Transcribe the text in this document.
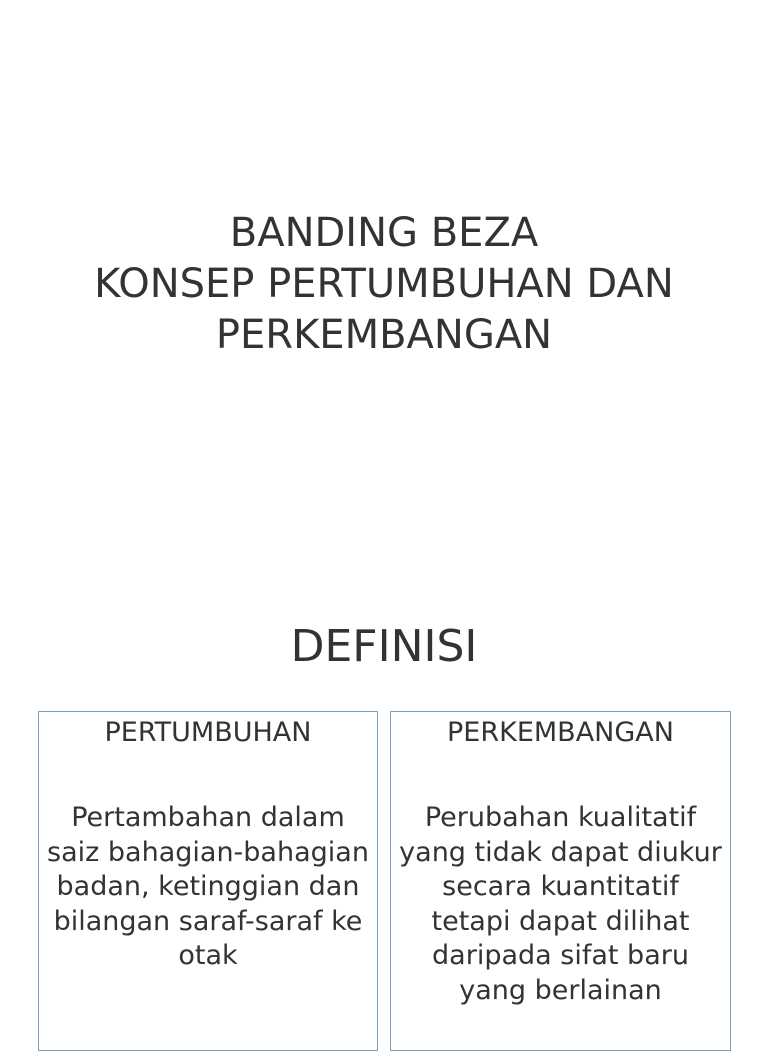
BANDING BEZA
KONSEP PERTUMBUHAN DAN
PERKEMBANGAN
DEFINISI
PERTUMBUHAN
Pertambahan dalam saiz bahagian-bahagian badan, ketinggian dan bilangan saraf-saraf ke otak
PERKEMBANGAN
Perubahan kualitatif yang tidak dapat diukur secara kuantitatif tetapi dapat dilihat daripada sifat baru yang berlainan
